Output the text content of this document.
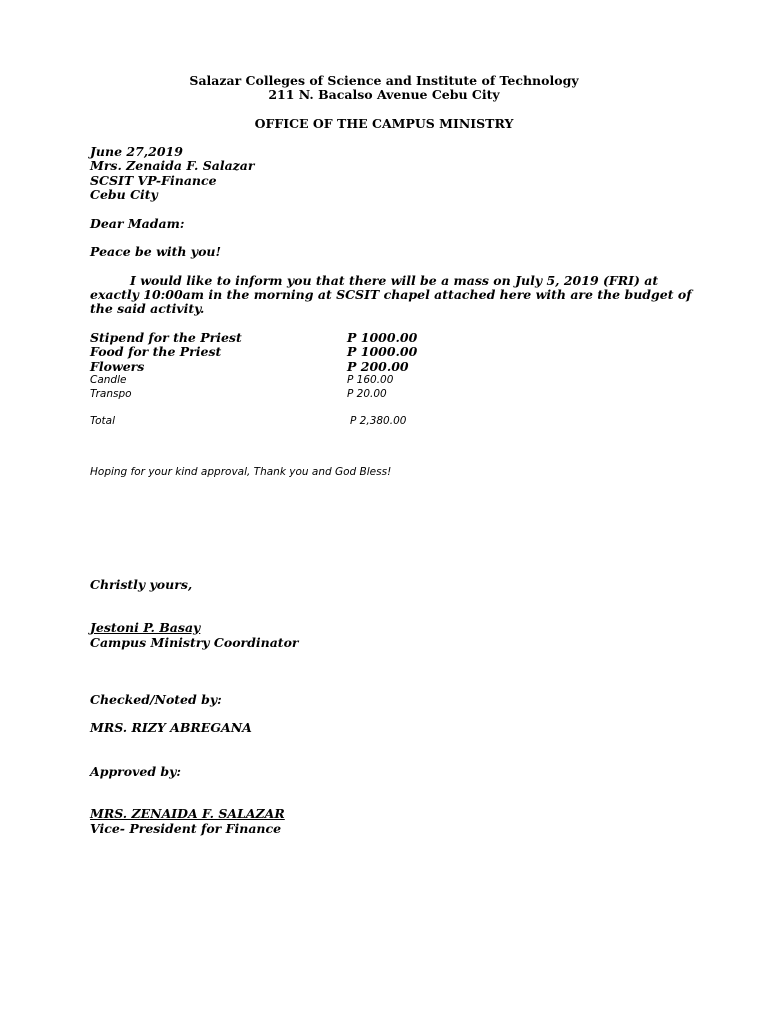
Salazar Colleges of Science and Institute of Technology
211 N. Bacalso Avenue Cebu City
OFFICE OF THE CAMPUS MINISTRY
June 27,2019
Mrs. Zenaida F. Salazar
SCSIT VP-Finance
Cebu City
Dear Madam:
Peace be with you!
I would like to inform you that there will be a mass on July 5, 2019 (FRI) at exactly 10:00am in the morning at SCSIT chapel attached here with are the budget of the said activity.
Stipend for the Priest	P 1000.00
Food for the Priest	P 1000.00
Flowers	P 200.00
Candle	P 160.00
Transpo	P 20.00
Total	P 2,380.00
Hoping for your kind approval, Thank you and God Bless!
Christly yours,
Jestoni P. Basay
Campus Ministry Coordinator
Checked/Noted by:
MRS. RIZY ABREGANA
Approved by:
MRS. ZENAIDA F. SALAZAR
Vice- President for Finance
